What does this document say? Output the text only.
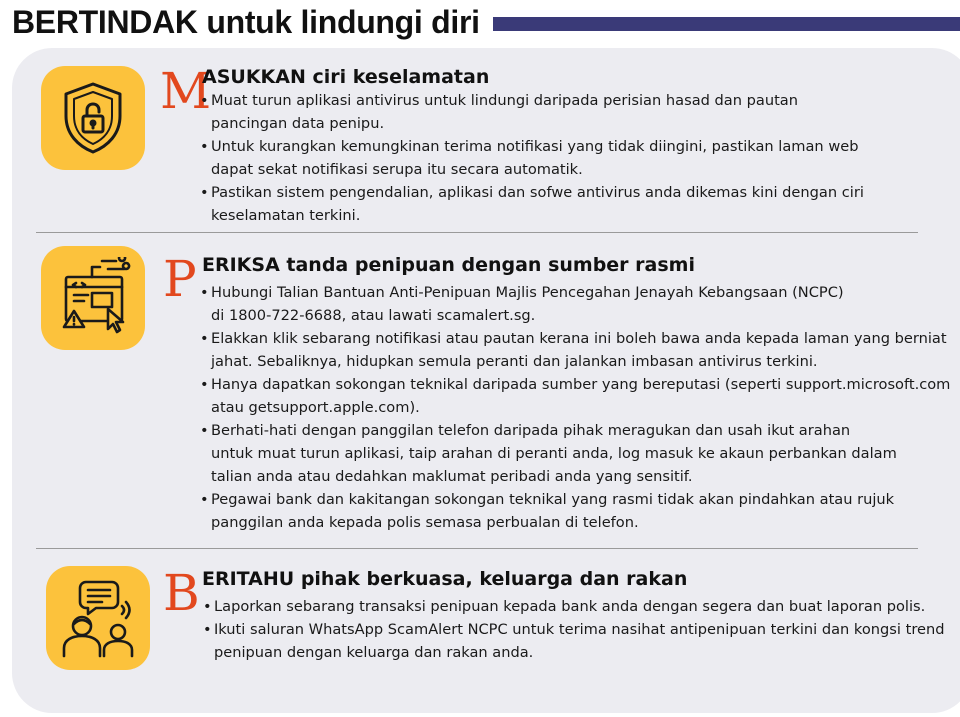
BERTINDAK untuk lindungi diri
M
ASUKKAN ciri keselamatan
• Muat turun aplikasi antivirus untuk lindungi daripada perisian hasad dan pautan
pancingan data penipu.
• Untuk kurangkan kemungkinan terima notifikasi yang tidak diingini, pastikan laman web
dapat sekat notifikasi serupa itu secara automatik.
• Pastikan sistem pengendalian, aplikasi dan sofwe antivirus anda dikemas kini dengan ciri
keselamatan terkini.
P ERIKSA tanda penipuan dengan sumber rasmi
• Hubungi Talian Bantuan Anti-Penipuan Majlis Pencegahan Jenayah Kebangsaan (NCPC)
di 1800-722-6688, atau lawati scamalert.sg.
• Elakkan klik sebarang notifikasi atau pautan kerana ini boleh bawa anda kepada laman yang berniat
jahat. Sebaliknya, hidupkan semula peranti dan jalankan imbasan antivirus terkini.
• Hanya dapatkan sokongan teknikal daripada sumber yang bereputasi (seperti support.microsoft.com
atau getsupport.apple.com).
• Berhati-hati dengan panggilan telefon daripada pihak meragukan dan usah ikut arahan
untuk muat turun aplikasi, taip arahan di peranti anda, log masuk ke akaun perbankan dalam
talian anda atau dedahkan maklumat peribadi anda yang sensitif.
• Pegawai bank dan kakitangan sokongan teknikal yang rasmi tidak akan pindahkan atau rujuk
panggilan anda kepada polis semasa perbualan di telefon.
B ERITAHU pihak berkuasa, keluarga dan rakan
• Laporkan sebarang transaksi penipuan kepada bank anda dengan segera dan buat laporan polis.
• Ikuti saluran WhatsApp ScamAlert NCPC untuk terima nasihat antipenipuan terkini dan kongsi trend
penipuan dengan keluarga dan rakan anda.
